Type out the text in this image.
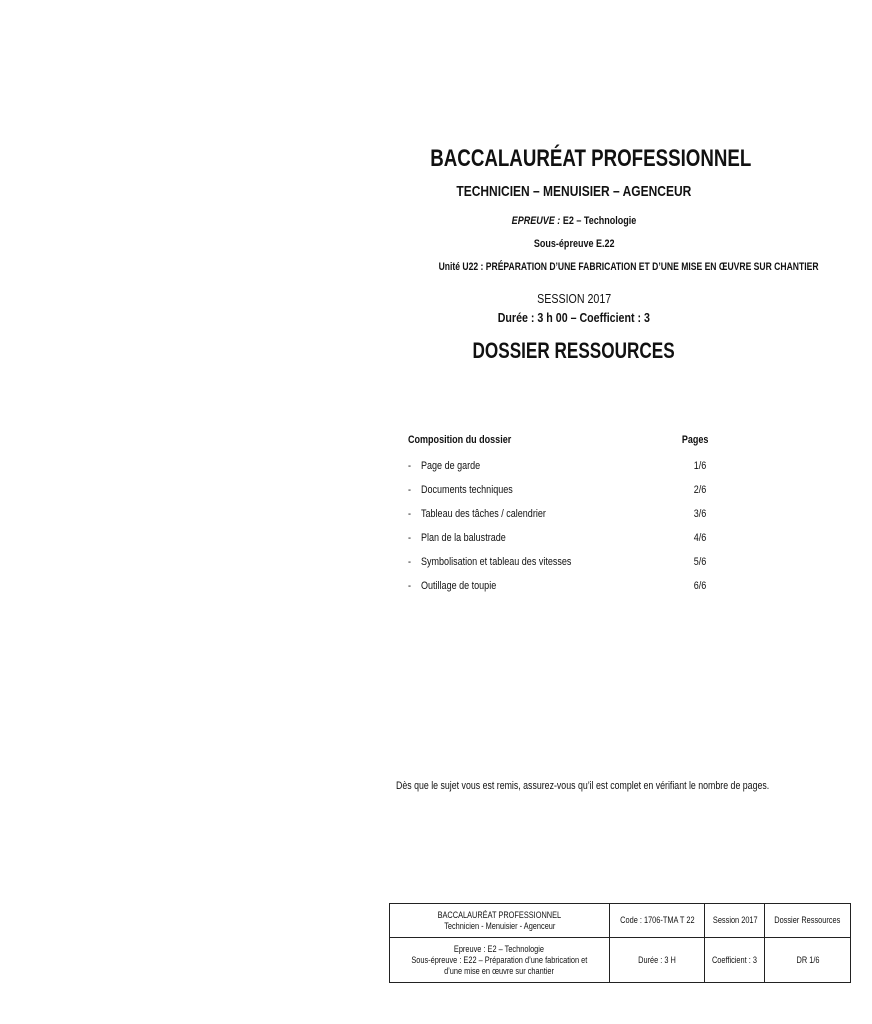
BACCALAURÉAT PROFESSIONNEL
TECHNICIEN – MENUISIER – AGENCEUR
EPREUVE : E2 – Technologie
Sous-épreuve E.22
Unité U22 : PRÉPARATION D’UNE FABRICATION ET D’UNE MISE EN ŒUVRE SUR CHANTIER
SESSION 2017
Durée : 3 h 00 – Coefficient : 3
DOSSIER RESSOURCES
Composition du dossier	Pages
- Page de garde	1/6
- Documents techniques	2/6
- Tableau des tâches / calendrier	3/6
- Plan de la balustrade	4/6
- Symbolisation et tableau des vitesses	5/6
- Outillage de toupie	6/6
Dès que le sujet vous est remis, assurez-vous qu’il est complet en vérifiant le nombre de pages.
BACCALAURÉAT PROFESSIONNEL Technicien - Menuisier - Agenceur	Code : 1706-TMA T 22	Session 2017	Dossier Ressources
Epreuve : E2 – Technologie Sous-épreuve : E22 – Préparation d’une fabrication et d’une mise en œuvre sur chantier	Durée : 3 H	Coefficient : 3	DR 1/6
